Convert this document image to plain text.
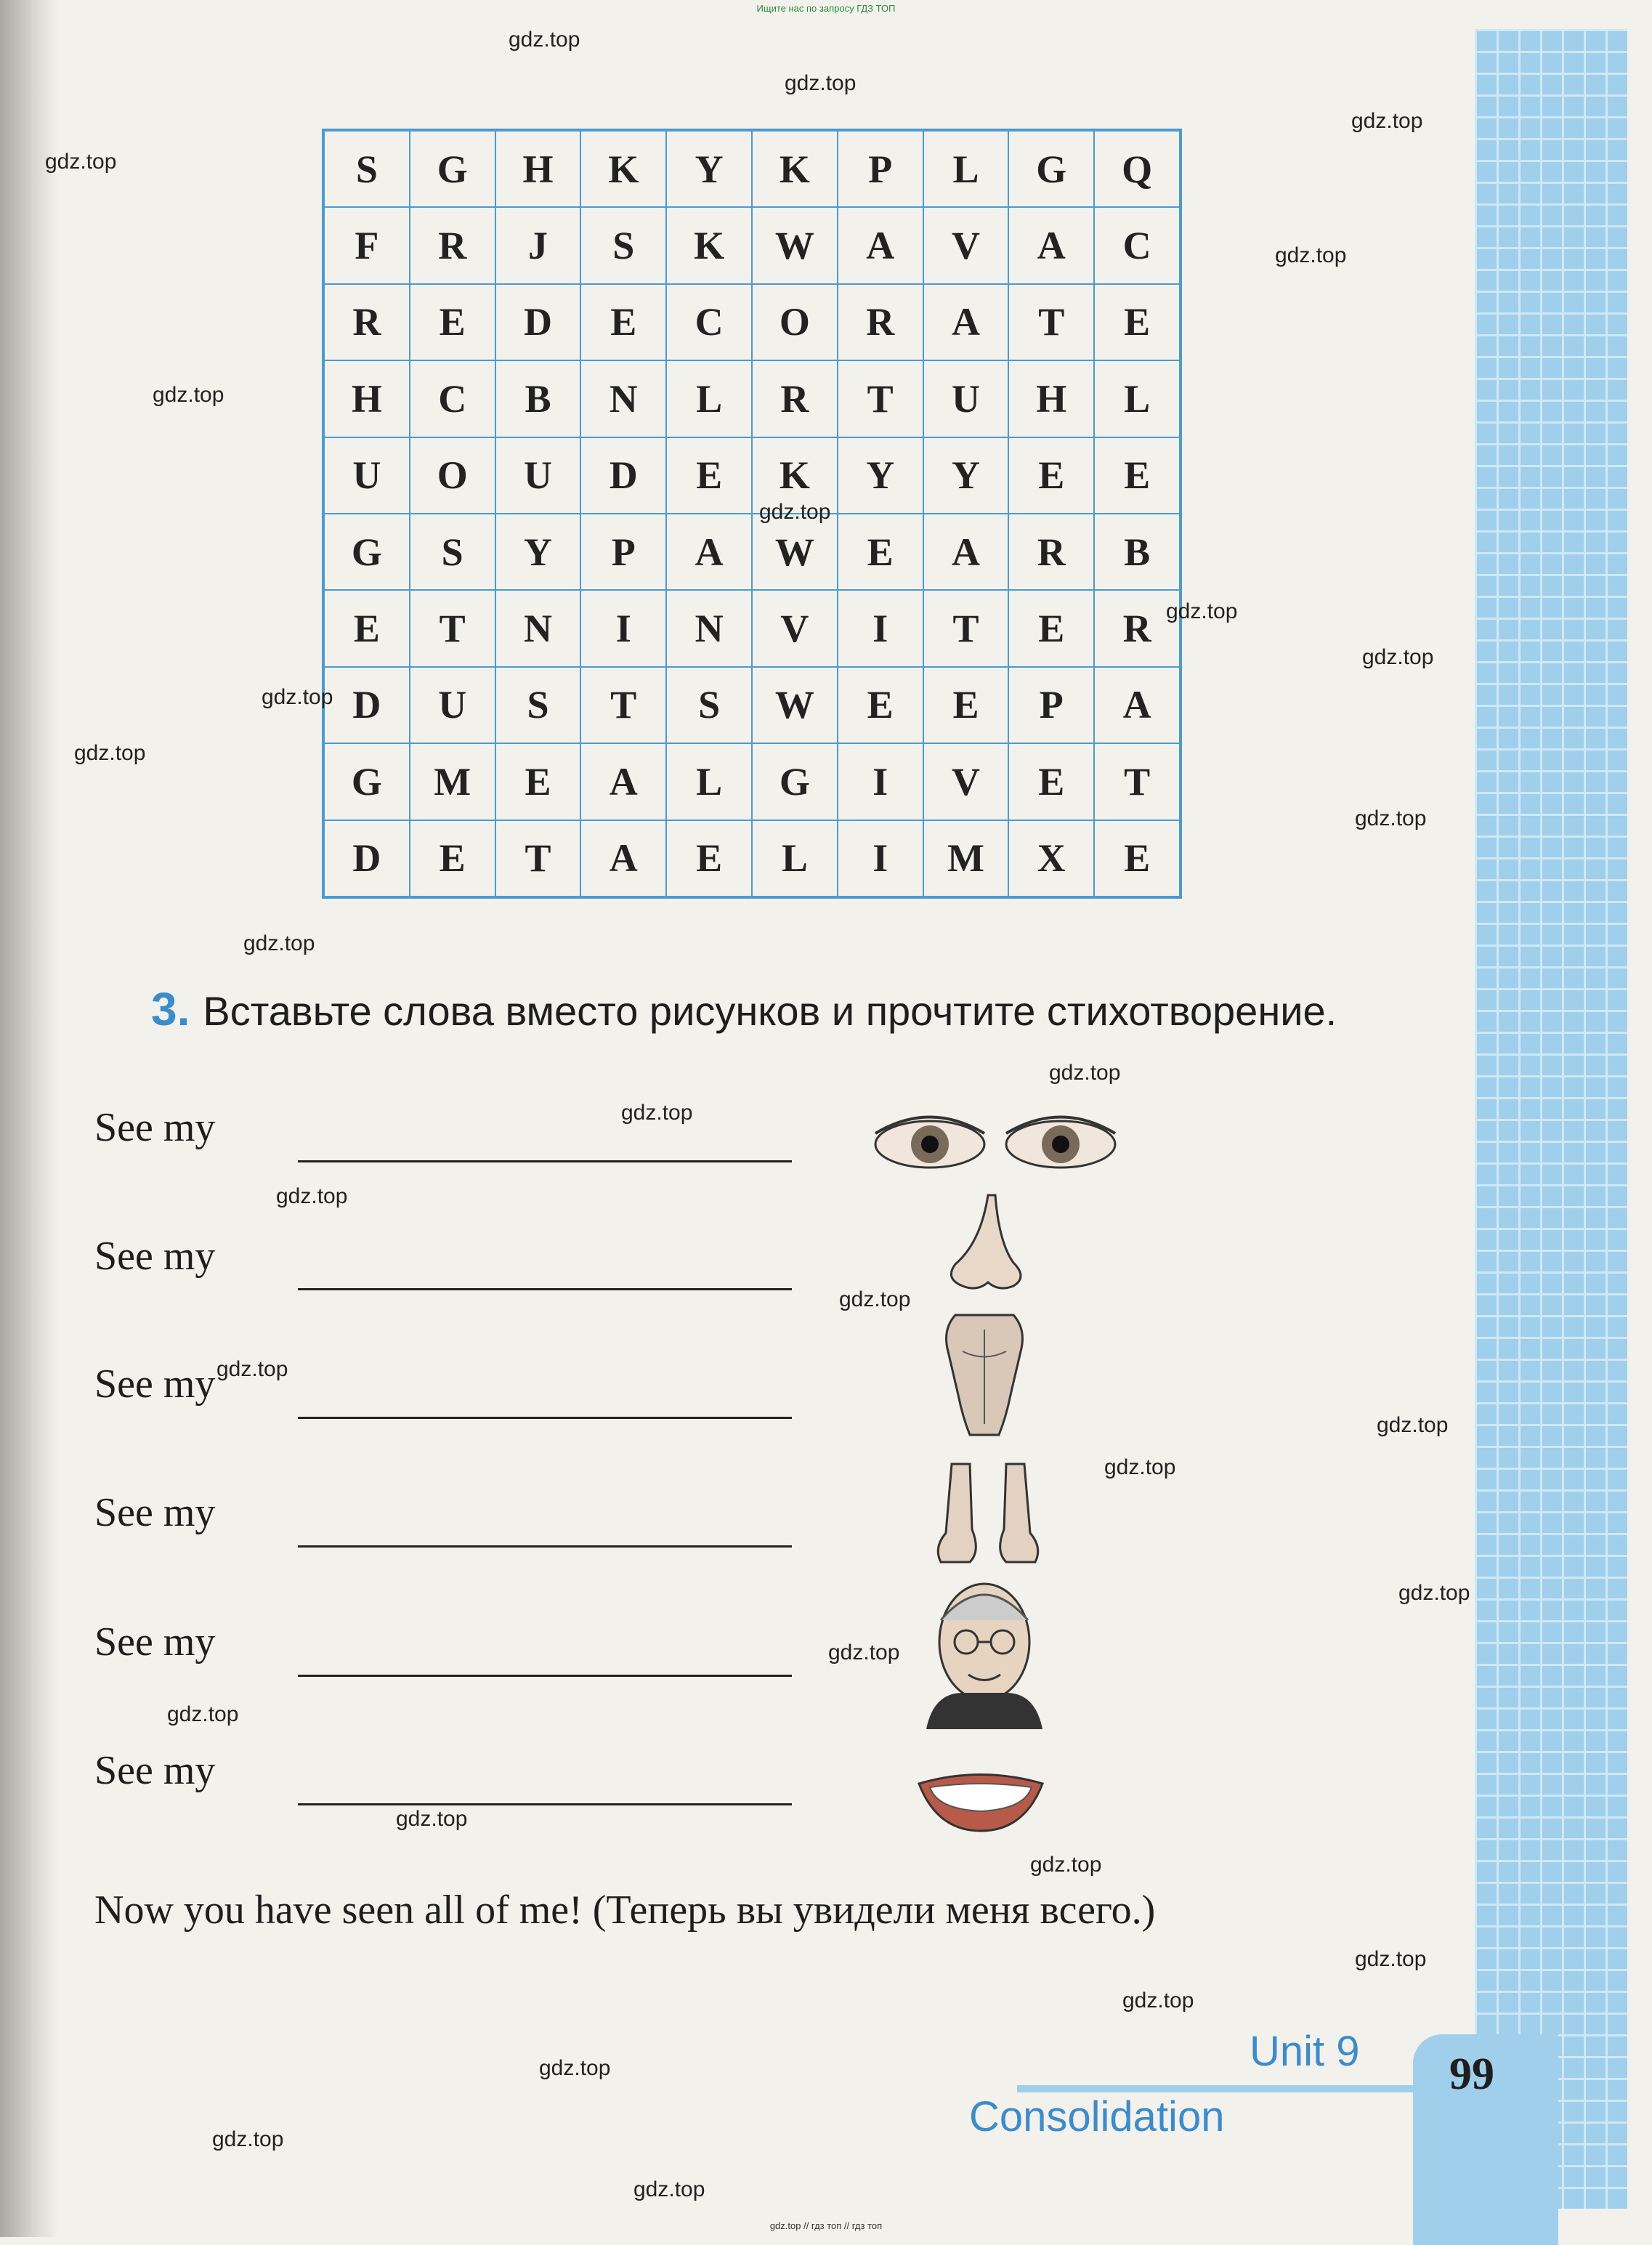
Ищите нас по запросу ГДЗ ТОП
S	G	H	K	Y	K	P	L	G	Q
F	R	J	S	K	W	A	V	A	C
R	E	D	E	C	O	R	A	T	E
H	C	B	N	L	R	T	U	H	L
U	O	U	D	E	K	Y	Y	E	E
G	S	Y	P	A	W	E	A	R	B
E	T	N	I	N	V	I	T	E	R
D	U	S	T	S	W	E	E	P	A
G	M	E	A	L	G	I	V	E	T
D	E	T	A	E	L	I	M	X	E
3. Вставьте слова вместо рисунков и прочтите стихотворение.
See my
See my
See my
See my
See my
See my
Now you have seen all of me! (Теперь вы увидели меня всего.)
Unit 9
Consolidation
99
gdz.top
gdz.top
gdz.top
gdz.top
gdz.top
gdz.top
gdz.top
gdz.top
gdz.top
gdz.top
gdz.top
gdz.top
gdz.top
gdz.top
gdz.top
gdz.top
gdz.top
gdz.top
gdz.top
gdz.top
gdz.top
gdz.top
gdz.top
gdz.top
gdz.top
gdz.top
gdz.top
gdz.top
gdz.top
gdz.top
gdz.top // гдз топ // гдз топ
